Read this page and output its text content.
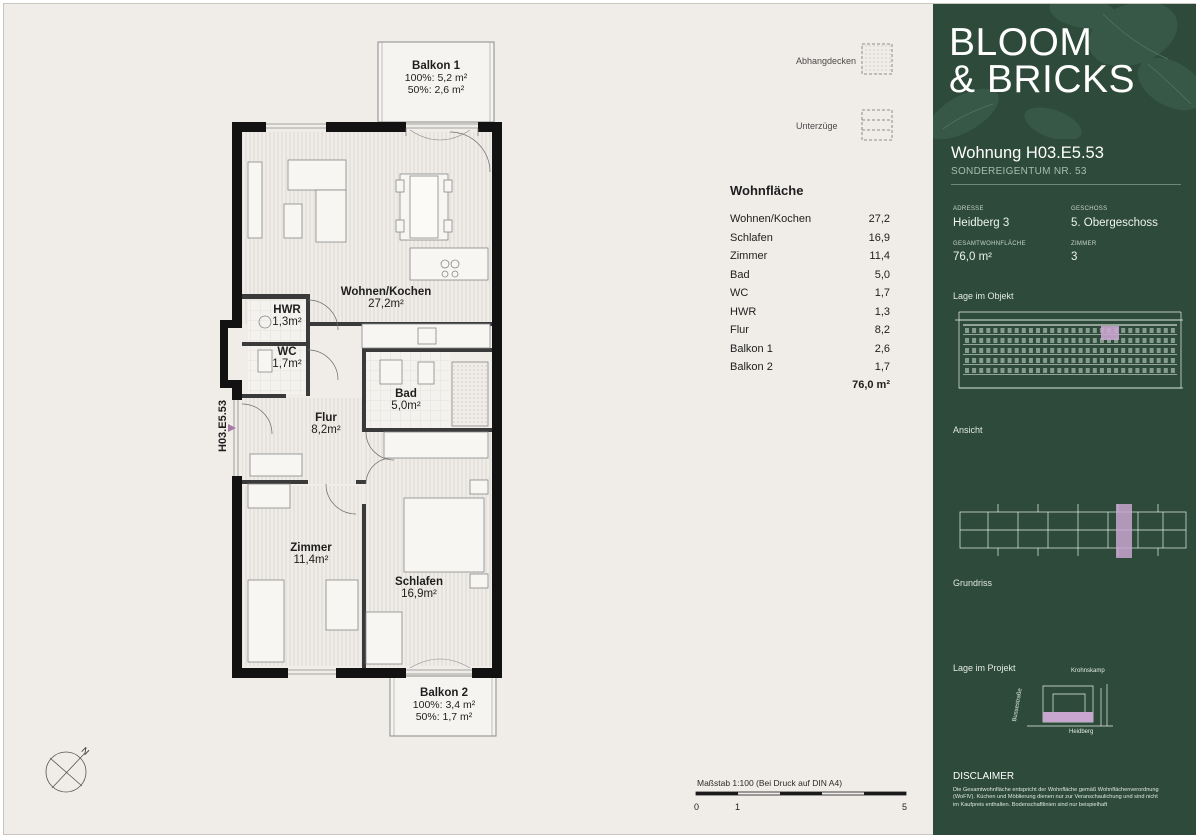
Balkon 1
100%: 5,2 m²
50%: 2,6 m²
Wohnen/Kochen
27,2m²
HWR
1,3m²
WC
1,7m²
Bad
5,0m²
Flur
8,2m²
Zimmer
11,4m²
Schlafen
16,9m²
Balkon 2
100%: 3,4 m²
50%: 1,7 m²
H03.E5.53
N
Abhangdecken
Unterzüge
Wohnfläche
Wohnen/Kochen	27,2
Schlafen	16,9
Zimmer	11,4
Bad	5,0
WC	1,7
HWR	1,3
Flur	8,2
Balkon 1	2,6
Balkon 2	1,7
76,0 m²
Maßstab 1:100 (Bei Druck auf DIN A4)
0	1	5
BLOOM
& BRICKS
Wohnung H03.E5.53
SONDEREIGENTUM NR. 53
ADRESSE
Heidberg 3
GESCHOSS
5. Obergeschoss
GESAMTWOHNFLÄCHE
76,0 m²
ZIMMER
3
Lage im Objekt
Ansicht
Grundriss
Lage im Projekt	Krohnskamp
Bussestraße
Heidberg
DISCLAIMER
Die Gesamtwohnfläche entspricht der Wohnfläche gemäß Wohnflächenverordnung (WoFlV). Küchen und Möblierung dienen nur zur Veranschaulichung und sind nicht im Kaufpreis enthalten. Bodenschaftlinien sind nur beispielhaft
